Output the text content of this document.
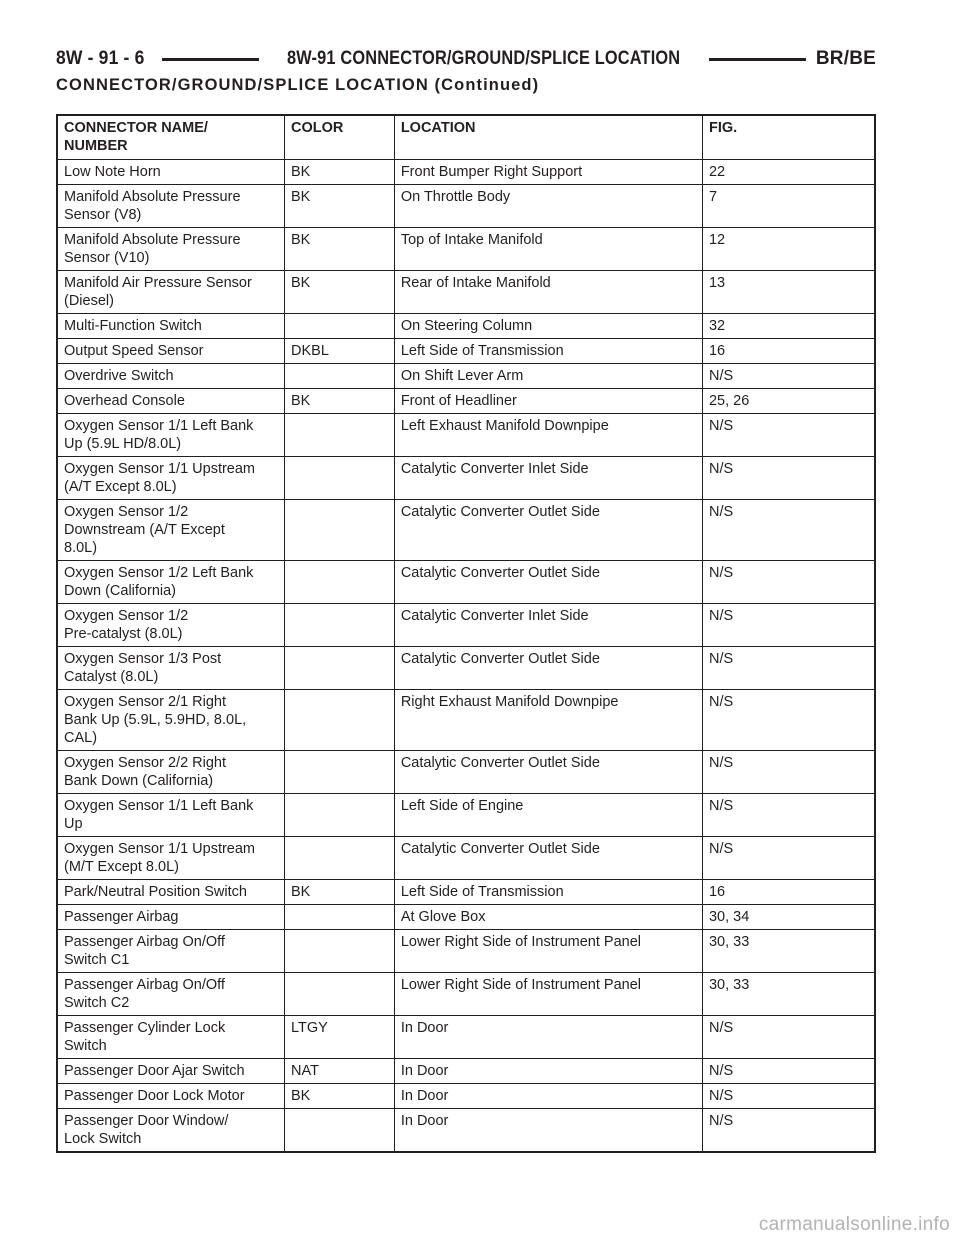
8W - 91 - 6	8W-91 CONNECTOR/GROUND/SPLICE LOCATION	BR/BE
CONNECTOR/GROUND/SPLICE LOCATION (Continued)
CONNECTOR NAME/
NUMBER	COLOR	LOCATION	FIG.
Low Note Horn	BK	Front Bumper Right Support	22
Manifold Absolute Pressure
Sensor (V8)	BK	On Throttle Body	7
Manifold Absolute Pressure
Sensor (V10)	BK	Top of Intake Manifold	12
Manifold Air Pressure Sensor
(Diesel)	BK	Rear of Intake Manifold	13
Multi-Function Switch		On Steering Column	32
Output Speed Sensor	DKBL	Left Side of Transmission	16
Overdrive Switch		On Shift Lever Arm	N/S
Overhead Console	BK	Front of Headliner	25, 26
Oxygen Sensor 1/1 Left Bank
Up (5.9L HD/8.0L)		Left Exhaust Manifold Downpipe	N/S
Oxygen Sensor 1/1 Upstream
(A/T Except 8.0L)		Catalytic Converter Inlet Side	N/S
Oxygen Sensor 1/2
Downstream (A/T Except
8.0L)		Catalytic Converter Outlet Side	N/S
Oxygen Sensor 1/2 Left Bank
Down (California)		Catalytic Converter Outlet Side	N/S
Oxygen Sensor 1/2
Pre-catalyst (8.0L)		Catalytic Converter Inlet Side	N/S
Oxygen Sensor 1/3 Post
Catalyst (8.0L)		Catalytic Converter Outlet Side	N/S
Oxygen Sensor 2/1 Right
Bank Up (5.9L, 5.9HD, 8.0L,
CAL)		Right Exhaust Manifold Downpipe	N/S
Oxygen Sensor 2/2 Right
Bank Down (California)		Catalytic Converter Outlet Side	N/S
Oxygen Sensor 1/1 Left Bank
Up		Left Side of Engine	N/S
Oxygen Sensor 1/1 Upstream
(M/T Except 8.0L)		Catalytic Converter Outlet Side	N/S
Park/Neutral Position Switch	BK	Left Side of Transmission	16
Passenger Airbag		At Glove Box	30, 34
Passenger Airbag On/Off
Switch C1		Lower Right Side of Instrument Panel	30, 33
Passenger Airbag On/Off
Switch C2		Lower Right Side of Instrument Panel	30, 33
Passenger Cylinder Lock
Switch	LTGY	In Door	N/S
Passenger Door Ajar Switch	NAT	In Door	N/S
Passenger Door Lock Motor	BK	In Door	N/S
Passenger Door Window/
Lock Switch		In Door	N/S
carmanualsonline.info
